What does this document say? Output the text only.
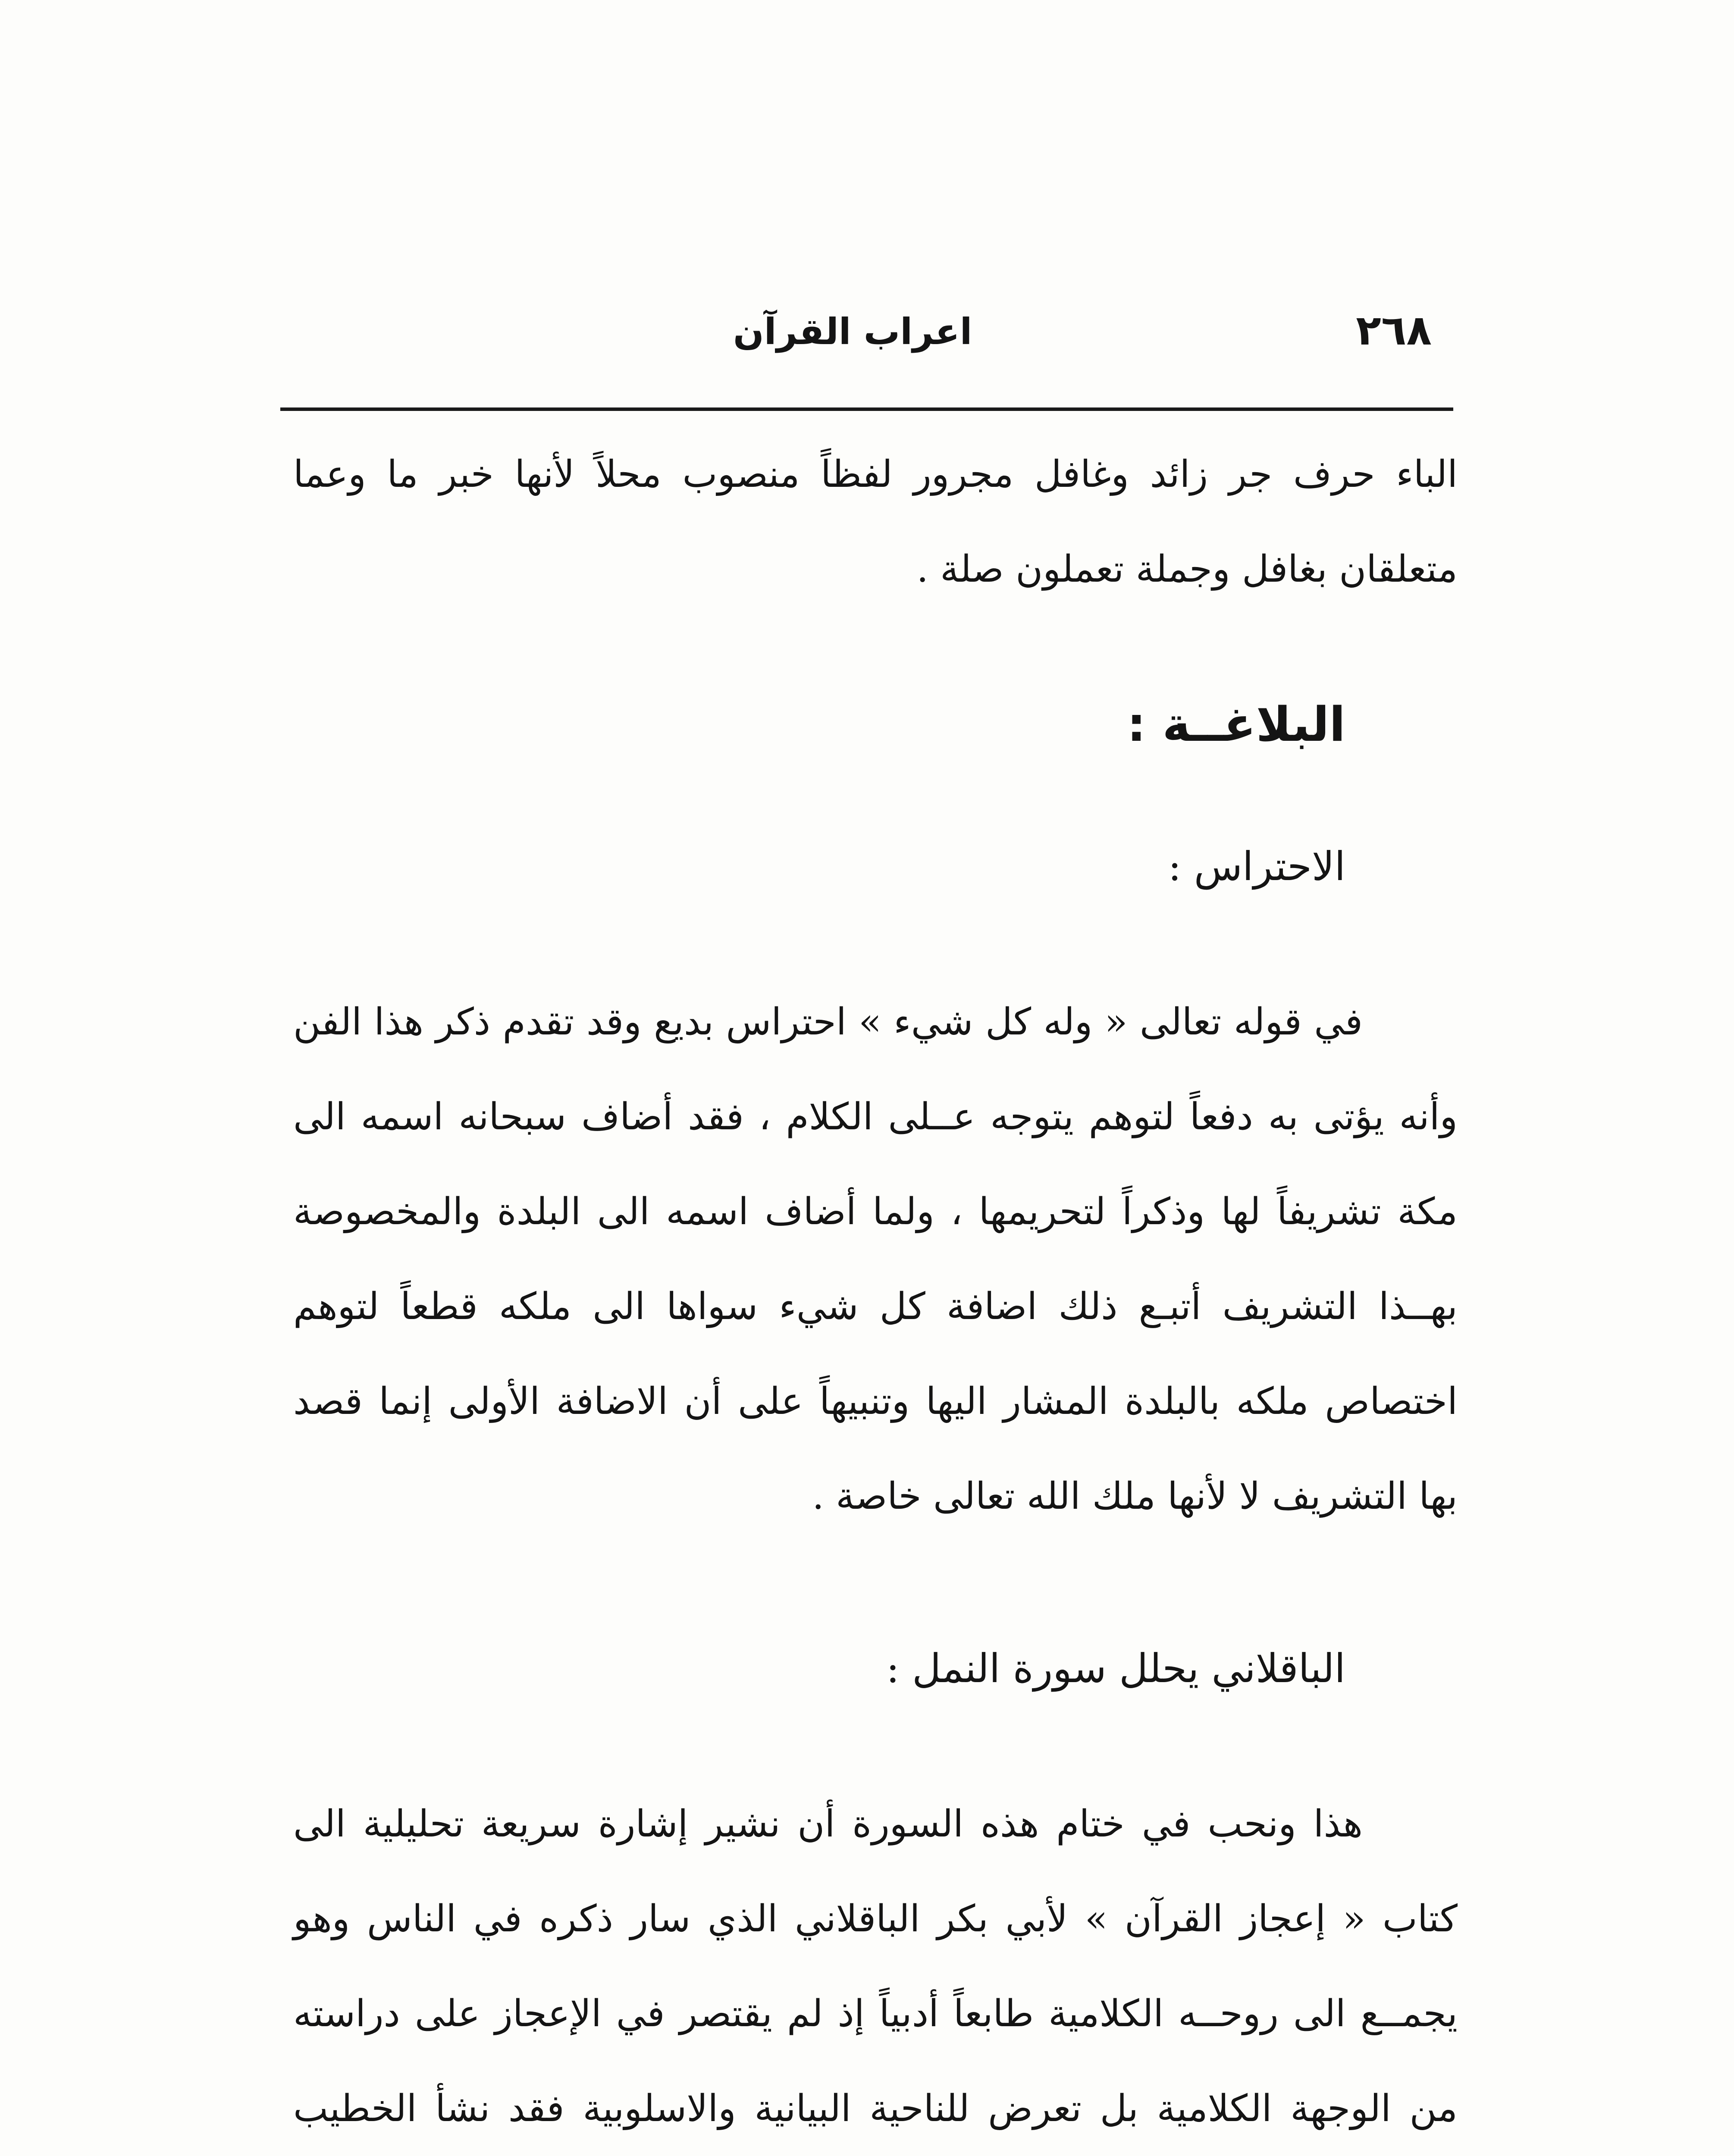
٢٦٨
اعراب القرآن

الباء حرف جر زائد وغافل مجرور لفظاً منصوب محلاً لأنها خبر ما وعما متعلقان بغافل وجملة تعملون صلة .

البلاغــة :
الاحتراس :

في قوله تعالى « وله كل شيء » احتراس بديع وقد تقدم ذكر هذا الفن وأنه يؤتى به دفعاً لتوهم يتوجه عــلى الكلام ، فقد أضاف سبحانه اسمه الى مكة تشريفاً لها وذكراً لتحريمها ، ولما أضاف اسمه الى البلدة والمخصوصة بهــذا التشريف أتبـع ذلك اضافة كل شيء سواها الى ملكه قطعاً لتوهم اختصاص ملكه بالبلدة المشار اليها وتنبيهاً على أن الاضافة الأولى إنما قصد بها التشريف لا لأنها ملك الله تعالى خاصة .

الباقلاني يحلل سورة النمل :

هذا ونحب في ختام هذه السورة أن نشير إشارة سريعة تحليلية الى كتاب « إعجاز القرآن » لأبي بكر الباقلاني الذي سار ذكره في الناس وهو يجمــع الى روحــه الكلامية طابعاً أدبياً إذ لم يقتصر في الإعجاز على دراسته من الوجهة الكلامية بل تعرض للناحية البيانية والاسلوبية فقد نشأ الخطيب
